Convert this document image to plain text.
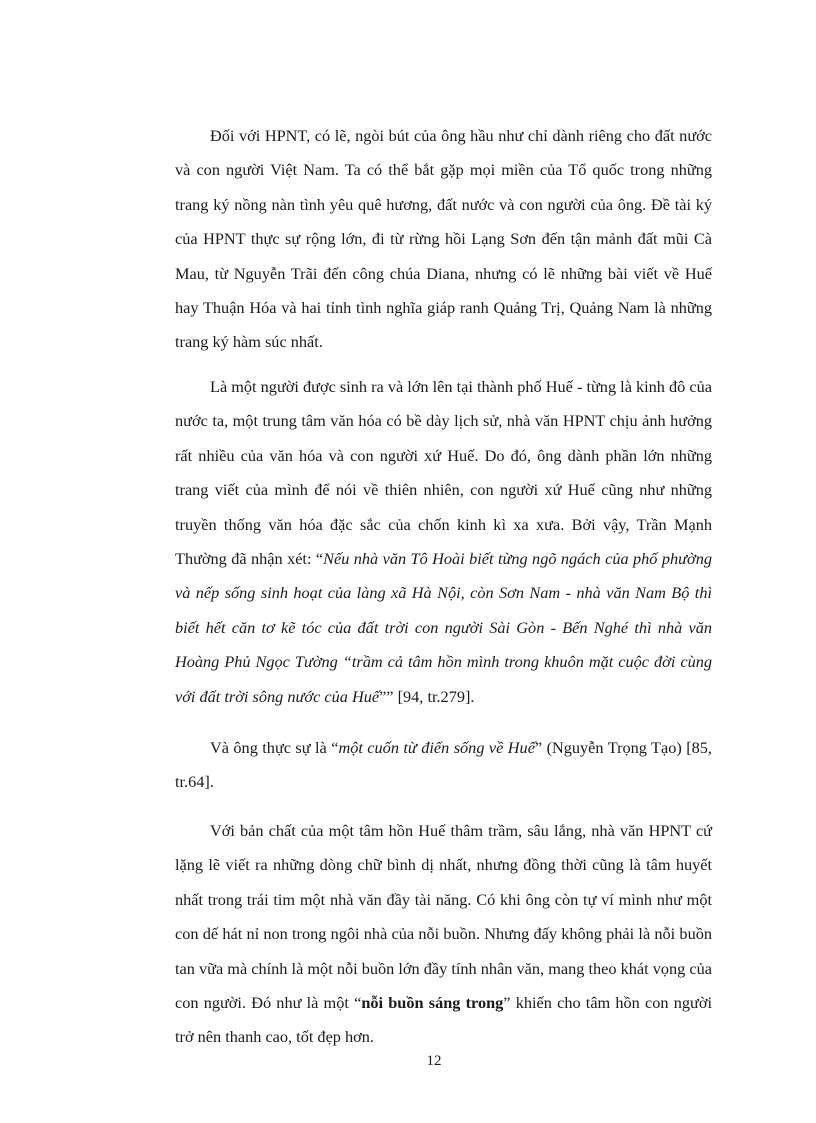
Đối với HPNT, có lẽ, ngòi bút của ông hầu như chỉ dành riêng cho đất nước và con người Việt Nam. Ta có thể bắt gặp mọi miền của Tổ quốc trong những trang ký nồng nàn tình yêu quê hương, đất nước và con người của ông. Đề tài ký của HPNT thực sự rộng lớn, đi từ rừng hồi Lạng Sơn đến tận mảnh đất mũi Cà Mau, từ Nguyễn Trãi đến công chúa Diana, nhưng có lẽ những bài viết về Huế hay Thuận Hóa và hai tỉnh tình nghĩa giáp ranh Quảng Trị, Quảng Nam là những trang ký hàm súc nhất.

Là một người được sinh ra và lớn lên tại thành phố Huế - từng là kinh đô của nước ta, một trung tâm văn hóa có bề dày lịch sử, nhà văn HPNT chịu ảnh hưởng rất nhiều của văn hóa và con người xứ Huế. Do đó, ông dành phần lớn những trang viết của mình để nói về thiên nhiên, con người xứ Huế cũng như những truyền thống văn hóa đặc sắc của chốn kinh kì xa xưa. Bởi vậy, Trần Mạnh Thường đã nhận xét: “Nếu nhà văn Tô Hoài biết từng ngõ ngách của phố phường và nếp sống sinh hoạt của làng xã Hà Nội, còn Sơn Nam - nhà văn Nam Bộ thì biết hết căn tơ kẽ tóc của đất trời con người Sài Gòn - Bến Nghé thì nhà văn Hoàng Phủ Ngọc Tường “trầm cả tâm hồn mình trong khuôn mặt cuộc đời cùng với đất trời sông nước của Huế”” [94, tr.279].

Và ông thực sự là “một cuốn từ điển sống về Huế” (Nguyễn Trọng Tạo) [85, tr.64].

Với bản chất của một tâm hồn Huế thâm trầm, sâu lắng, nhà văn HPNT cứ lặng lẽ viết ra những dòng chữ bình dị nhất, nhưng đồng thời cũng là tâm huyết nhất trong trái tim một nhà văn đầy tài năng. Có khi ông còn tự ví mình như một con dế hát nỉ non trong ngôi nhà của nỗi buồn. Nhưng đấy không phải là nỗi buồn tan vữa mà chính là một nỗi buồn lớn đầy tính nhân văn, mang theo khát vọng của con người. Đó như là một “nỗi buồn sáng trong” khiến cho tâm hồn con người trở nên thanh cao, tốt đẹp hơn.

12
